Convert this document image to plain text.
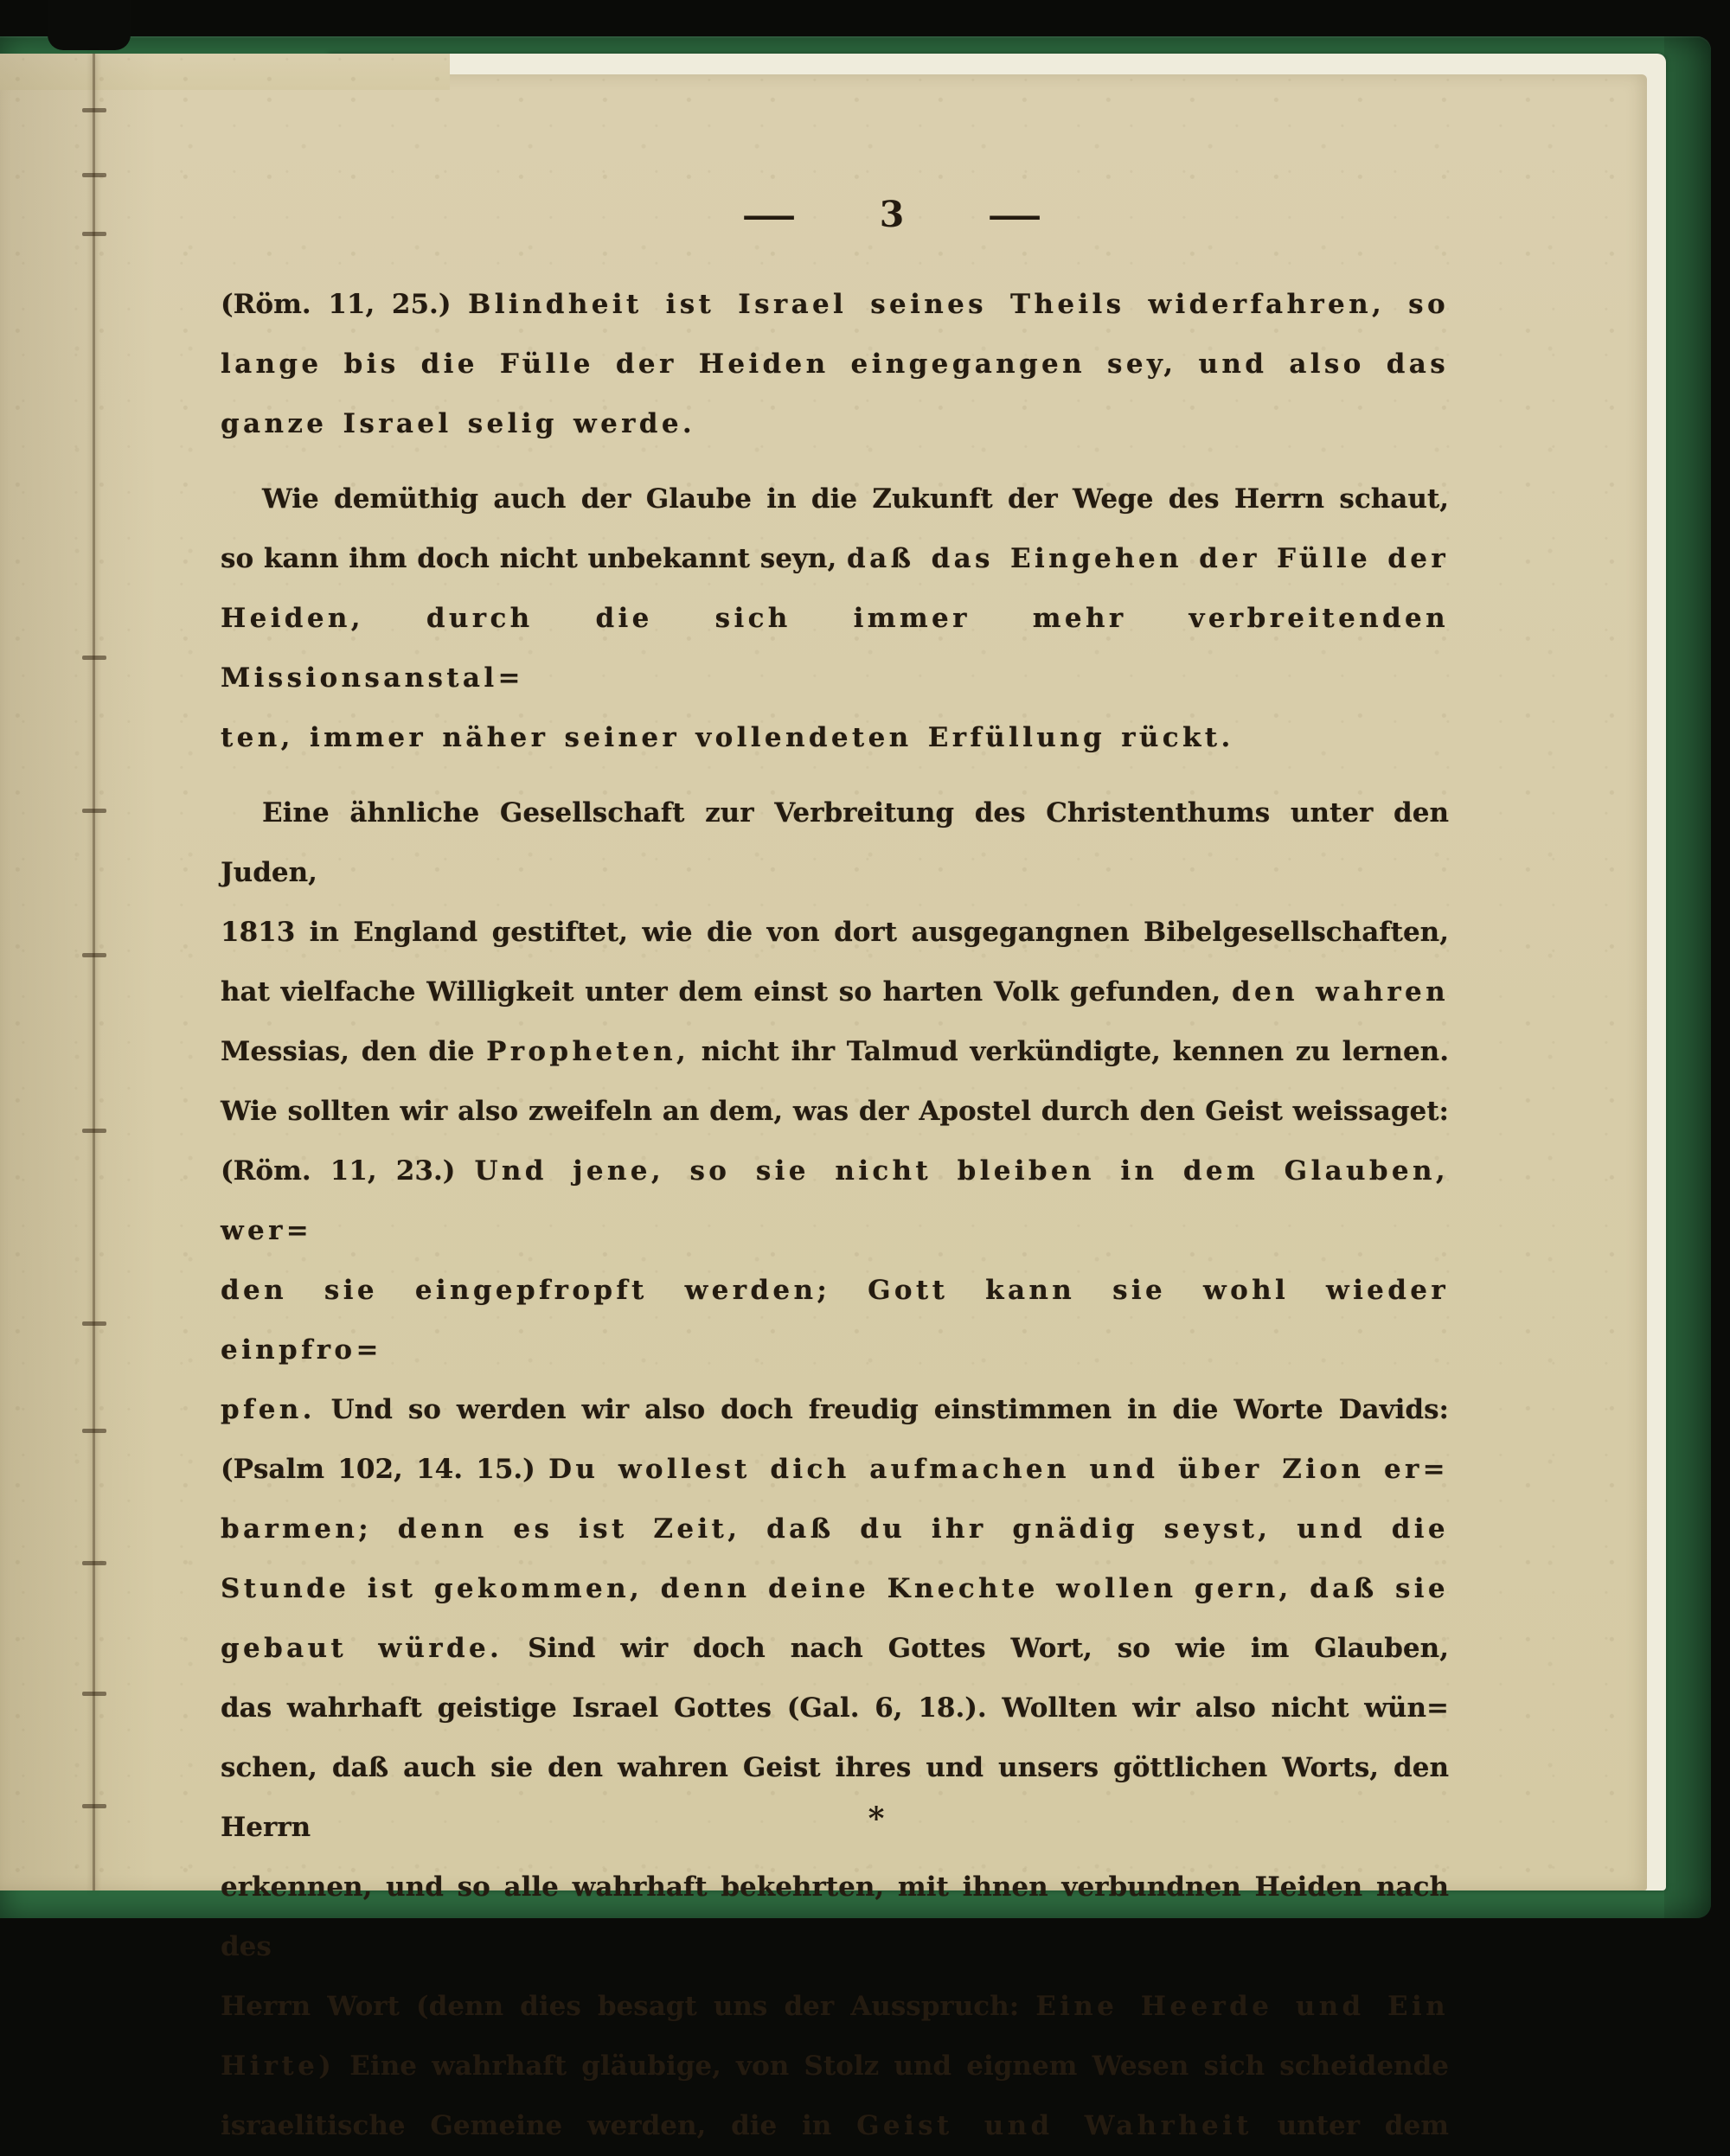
— 3	—
(Röm. 11, 25.) Blindheit ist Israel seines Theils widerfahren, so
lange bis die Fülle der Heiden eingegangen sey, und also das
ganze Israel selig werde.
Wie demüthig auch der Glaube in die Zukunft der Wege des Herrn schaut,
so kann ihm doch nicht unbekannt seyn, daß das Eingehen der Fülle der
Heiden, durch die sich immer mehr verbreitenden Missionsanstal=
ten, immer näher seiner vollendeten Erfüllung rückt.
Eine ähnliche Gesellschaft zur Verbreitung des Christenthums unter den Juden,
1813 in England gestiftet, wie die von dort ausgegangnen Bibelgesellschaften,
hat vielfache Willigkeit unter dem einst so harten Volk gefunden, den wahren
Messias, den die Propheten, nicht ihr Talmud verkündigte, kennen zu lernen.
Wie sollten wir also zweifeln an dem, was der Apostel durch den Geist weissaget:
(Röm. 11, 23.) Und jene, so sie nicht bleiben in dem Glauben, wer=
den sie eingepfropft werden; Gott kann sie wohl wieder einpfro=
pfen. Und so werden wir also doch freudig einstimmen in die Worte Davids:
(Psalm 102, 14. 15.) Du wollest dich aufmachen und über Zion er=
barmen; denn es ist Zeit, daß du ihr gnädig seyst, und die
Stunde ist gekommen, denn deine Knechte wollen gern, daß sie
gebaut würde. Sind wir doch nach Gottes Wort, so wie im Glauben,
das wahrhaft geistige Israel Gottes (Gal. 6, 18.). Wollten wir also nicht wün=
schen, daß auch sie den wahren Geist ihres und unsers göttlichen Worts, den Herrn
erkennen, und so alle wahrhaft bekehrten, mit ihnen verbundnen Heiden nach des
Herrn Wort (denn dies besagt uns der Ausspruch: Eine Heerde und Ein
Hirte) Eine wahrhaft gläubige, von Stolz und eignem Wesen sich scheidende
israelitische Gemeine werden, die in Geist und Wahrheit unter dem
*
